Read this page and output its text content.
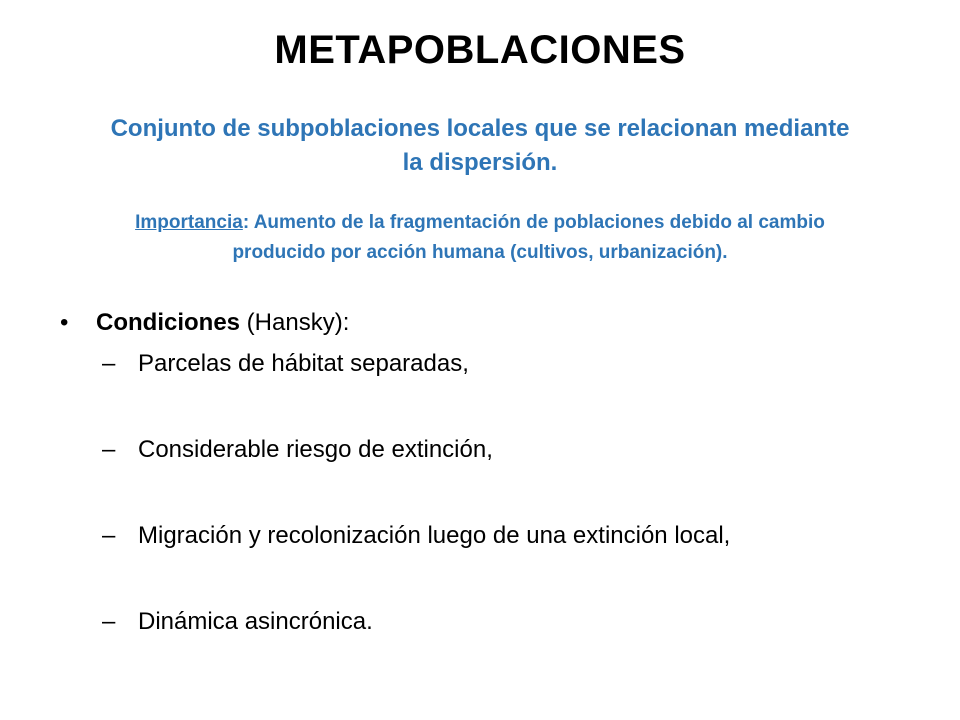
METAPOBLACIONES
Conjunto de subpoblaciones locales que se relacionan mediante la dispersión.
Importancia: Aumento de la fragmentación de poblaciones debido al cambio producido por acción humana (cultivos, urbanización).
•	Condiciones (Hansky):
– Parcelas de hábitat separadas,
– Considerable riesgo de extinción,
– Migración y recolonización luego de una extinción local,
– Dinámica asincrónica.
